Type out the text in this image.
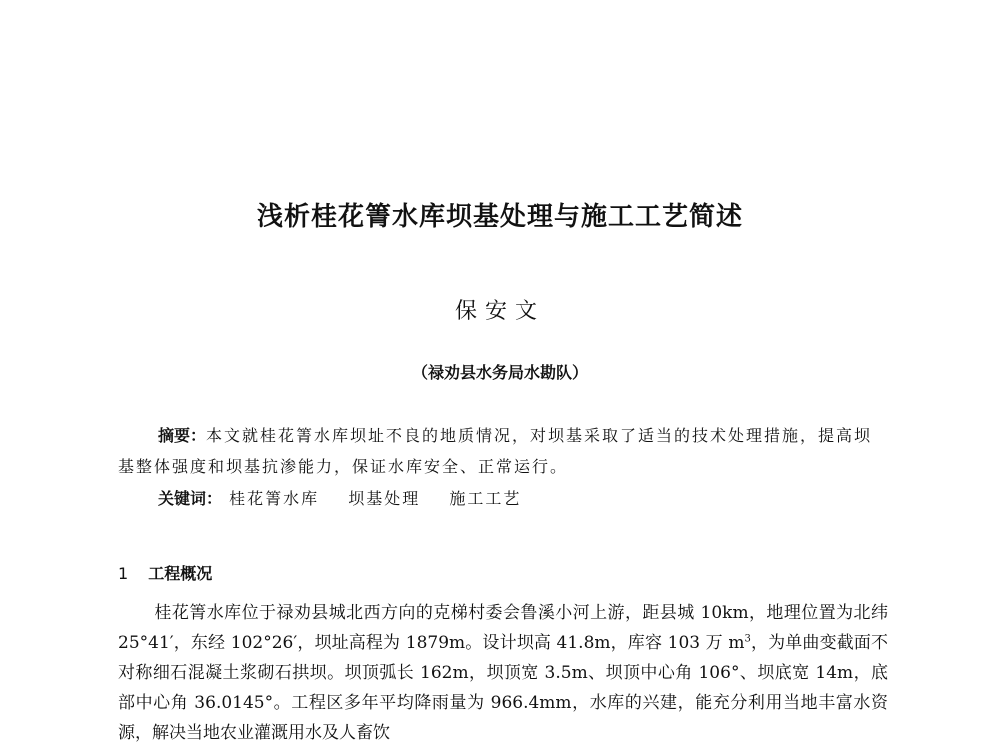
浅析桂花箐水库坝基处理与施工工艺简述
保安文
（禄劝县水务局水勘队）
摘要：本文就桂花箐水库坝址不良的地质情况，对坝基采取了适当的技术处理措施，提高坝基整体强度和坝基抗渗能力，保证水库安全、正常运行。
关键词： 桂花箐水库 坝基处理 施工工艺
1 工程概况
桂花箐水库位于禄劝县城北西方向的克梯村委会鲁溪小河上游，距县城 10km，地理位置为北纬 25°41′，东经 102°26′，坝址高程为 1879m。设计坝高 41.8m，库容 103 万 $m^3$，为单曲变截面不对称细石混凝土浆砌石拱坝。坝顶弧长 162m，坝顶宽 3.5m、坝顶中心角 106°、坝底宽 14m，底部中心角 36.0145°。工程区多年平均降雨量为 966.4mm，水库的兴建，能充分利用当地丰富水资源，解决当地农业灌溉用水及人畜饮
